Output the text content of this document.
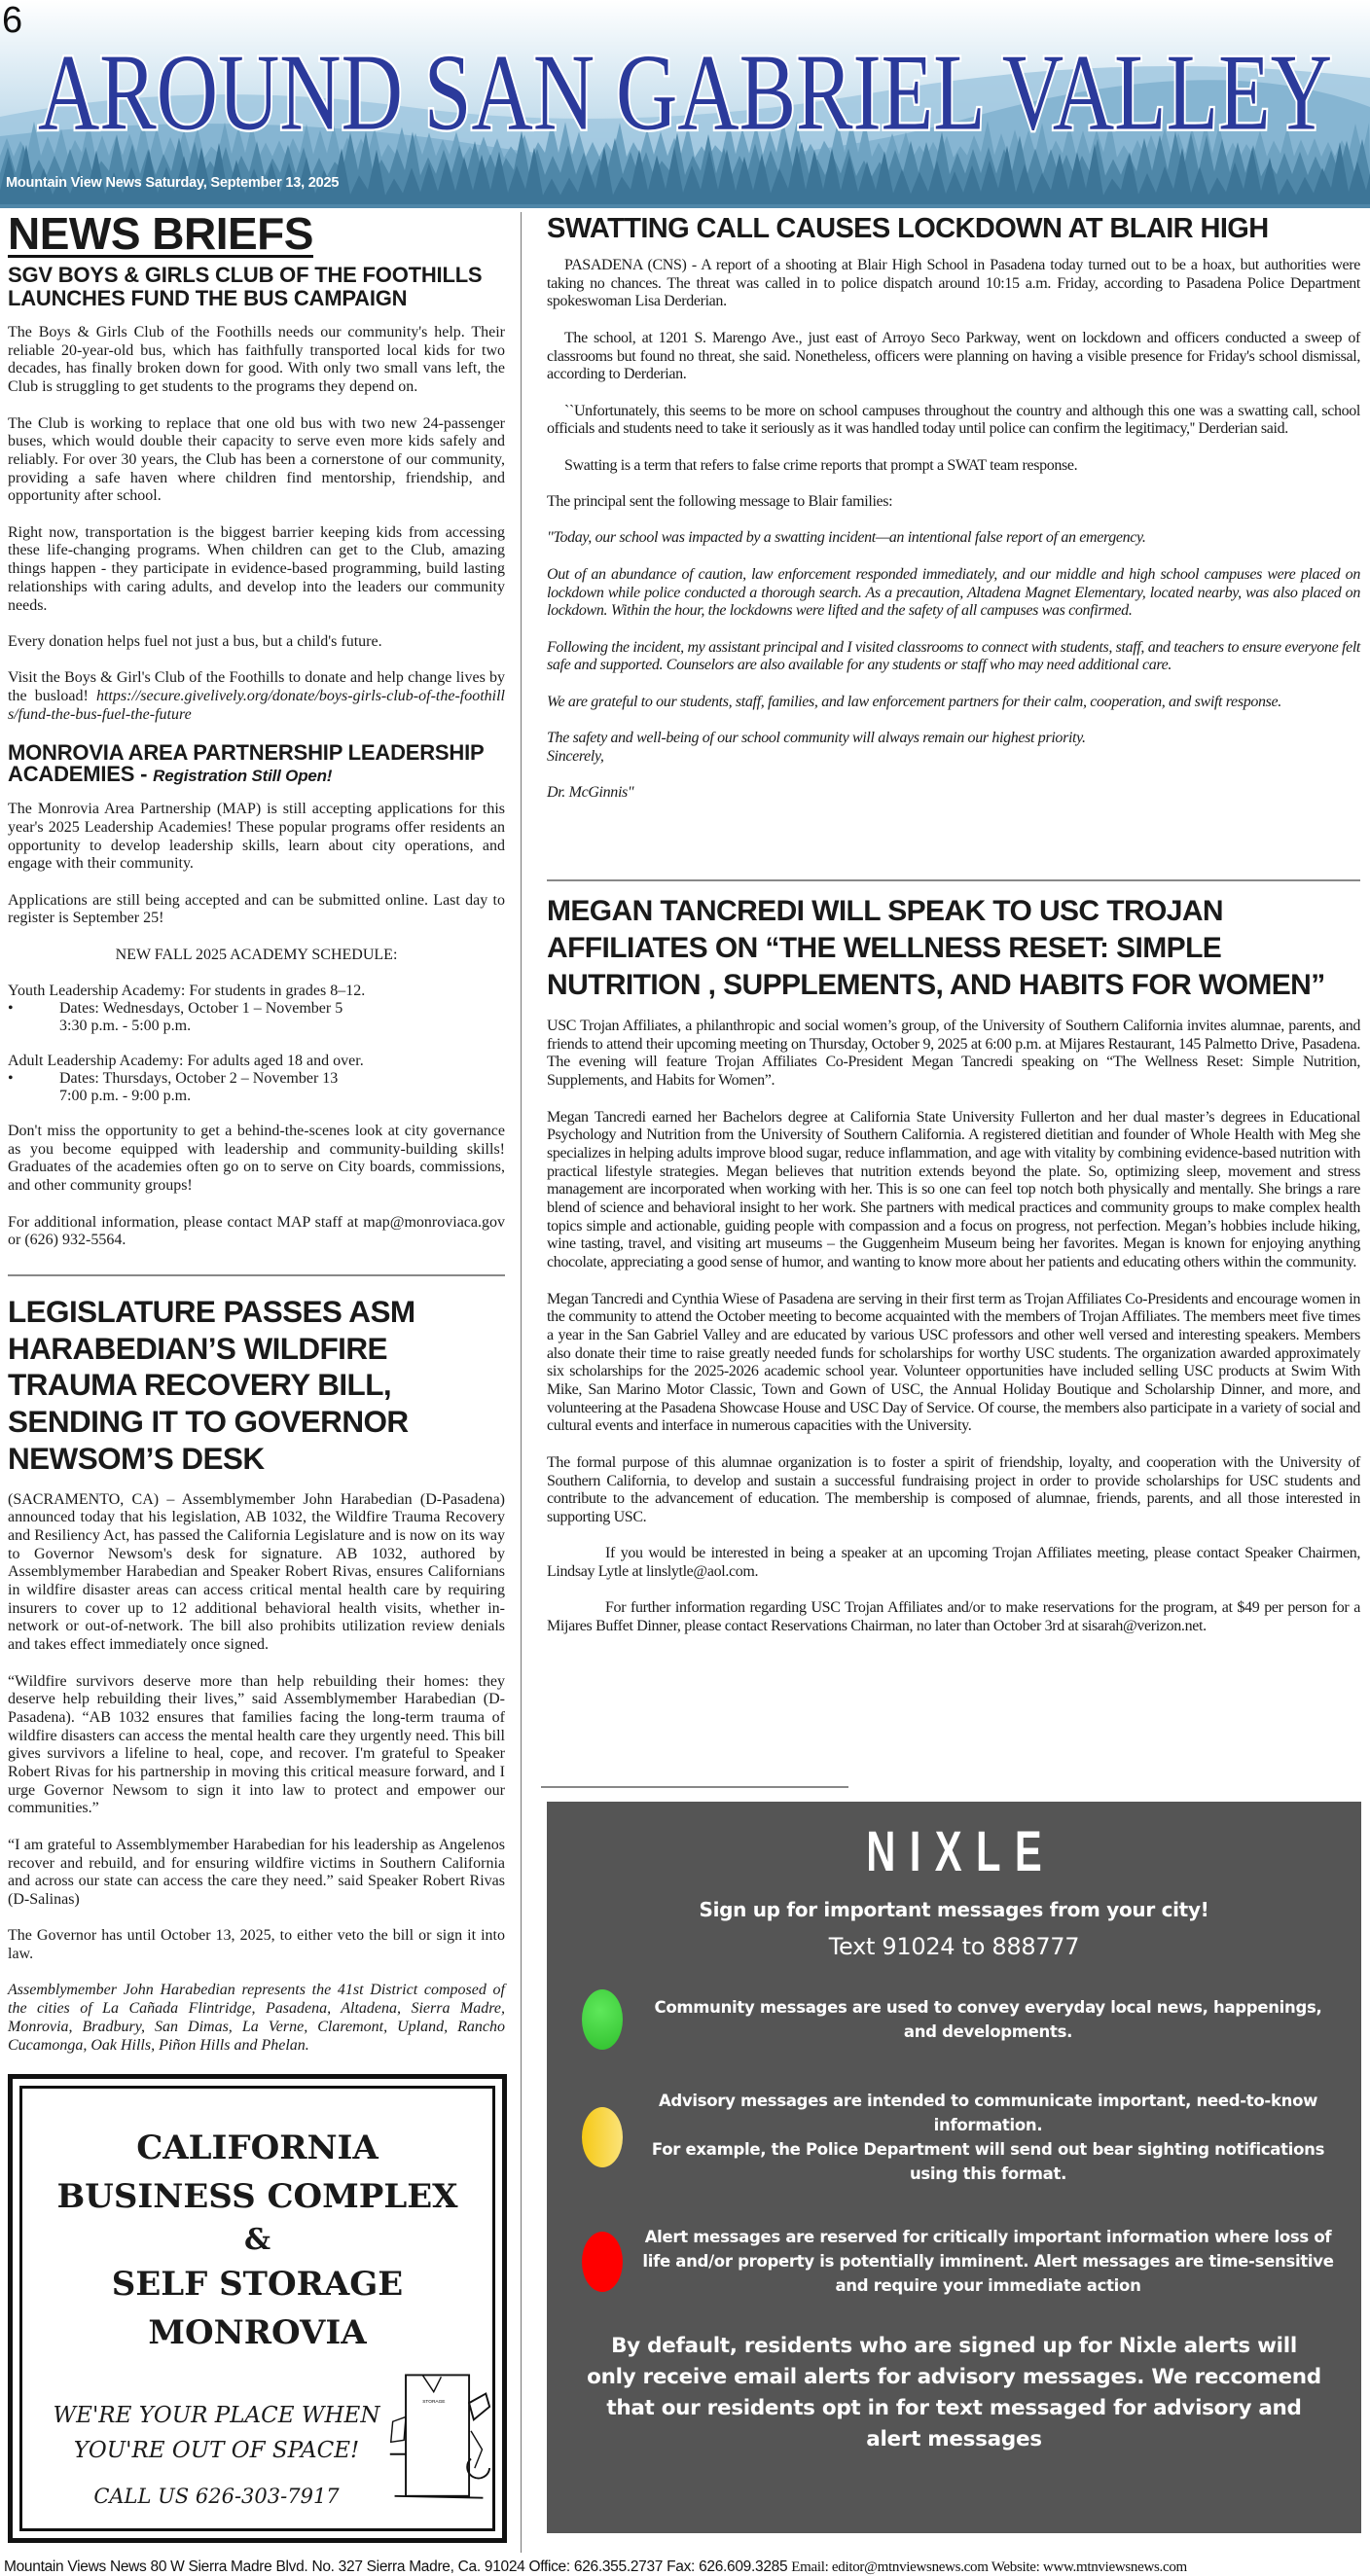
AROUND SAN GABRIEL VALLEY
6
Mountain View News Saturday, September 13, 2025
NEWS BRIEFS
SGV BOYS & GIRLS CLUB OF THE FOOTHILLS LAUNCHES FUND THE BUS CAMPAIGN

The Boys & Girls Club of the Foothills needs our community's help. Their reliable 20-year-old bus, which has faithfully transported local kids for two decades, has finally broken down for good. With only two small vans left, the Club is struggling to get students to the programs they depend on.

The Club is working to replace that one old bus with two new 24-passenger buses, which would double their capacity to serve even more kids safely and reliably. For over 30 years, the Club has been a cornerstone of our community, providing a safe haven where children find mentorship, friendship, and opportunity after school.

Right now, transportation is the biggest barrier keeping kids from accessing these life-changing programs. When children can get to the Club, amazing things happen - they participate in evidence-based programming, build lasting relationships with caring adults, and develop into the leaders our community needs.

Every donation helps fuel not just a bus, but a child's future.

Visit the Boys & Girl's Club of the Foothills to donate and help change lives by the busload! https://secure.givelively.org/donate/boys-girls-club-of-the-foothills/fund-the-bus-fuel-the-future

MONROVIA AREA PARTNERSHIP LEADERSHIP ACADEMIES - Registration Still Open!

The Monrovia Area Partnership (MAP) is still accepting applications for this year's 2025 Leadership Academies! These popular programs offer residents an opportunity to develop leadership skills, learn about city operations, and engage with their community.

Applications are still being accepted and can be submitted online. Last day to register is September 25!

NEW FALL 2025 ACADEMY SCHEDULE:

Youth Leadership Academy: For students in grades 8–12.
•	Dates: Wednesdays, October 1 – November 5
3:30 p.m. - 5:00 p.m.
Adult Leadership Academy: For adults aged 18 and over.
•	Dates: Thursdays, October 2 – November 13
7:00 p.m. - 9:00 p.m.

Don't miss the opportunity to get a behind-the-scenes look at city governance as you become equipped with leadership and community-building skills! Graduates of the academies often go on to serve on City boards, commissions, and other community groups!

For additional information, please contact MAP staff at map@monroviaca.gov or (626) 932-5564.

LEGISLATURE PASSES ASM HARABEDIAN’S WILDFIRE TRAUMA RECOVERY BILL, SENDING IT TO GOVERNOR NEWSOM’S DESK

(SACRAMENTO, CA) – Assemblymember John Harabedian (D-Pasadena) announced today that his legislation, AB 1032, the Wildfire Trauma Recovery and Resiliency Act, has passed the California Legislature and is now on its way to Governor Newsom's desk for signature. AB 1032, authored by Assemblymember Harabedian and Speaker Robert Rivas, ensures Californians in wildfire disaster areas can access critical mental health care by requiring insurers to cover up to 12 additional behavioral health visits, whether in-network or out-of-network. The bill also prohibits utilization review denials and takes effect immediately once signed.

“Wildfire survivors deserve more than help rebuilding their homes: they deserve help rebuilding their lives,” said Assemblymember Harabedian (D-Pasadena). “AB 1032 ensures that families facing the long-term trauma of wildfire disasters can access the mental health care they urgently need. This bill gives survivors a lifeline to heal, cope, and recover. I'm grateful to Speaker Robert Rivas for his partnership in moving this critical measure forward, and I urge Governor Newsom to sign it into law to protect and empower our communities.”

“I am grateful to Assemblymember Harabedian for his leadership as Angelenos recover and rebuild, and for ensuring wildfire victims in Southern California and across our state can access the care they need.” said Speaker Robert Rivas (D-Salinas)

The Governor has until October 13, 2025, to either veto the bill or sign it into law.

Assemblymember John Harabedian represents the 41st District composed of the cities of La Cañada Flintridge, Pasadena, Altadena, Sierra Madre, Monrovia, Bradbury, San Dimas, La Verne, Claremont, Upland, Rancho Cucamonga, Oak Hills, Piñon Hills and Phelan.

CALIFORNIA
BUSINESS COMPLEX
&
SELF STORAGE
MONROVIA
WE'RE YOUR PLACE WHEN
YOU'RE OUT OF SPACE!
CALL US 626-303-7917
STORAGE
SWATTING CALL CAUSES LOCKDOWN AT BLAIR HIGH
PASADENA (CNS) - A report of a shooting at Blair High School in Pasadena today turned out to be a hoax, but authorities were taking no chances. The threat was called in to police dispatch around 10:15 a.m. Friday, according to Pasadena Police Department spokeswoman Lisa Derderian.
The school, at 1201 S. Marengo Ave., just east of Arroyo Seco Parkway, went on lockdown and officers conducted a sweep of classrooms but found no threat, she said. Nonetheless, officers were planning on having a visible presence for Friday's school dismissal, according to Derderian.
``Unfortunately, this seems to be more on school campuses throughout the country and although this one was a swatting call, school officials and students need to take it seriously as it was handled today until police can confirm the legitimacy,'' Derderian said.
Swatting is a term that refers to false crime reports that prompt a SWAT team response.
The principal sent the following message to Blair families:
"Today, our school was impacted by a swatting incident—an intentional false report of an emergency.
Out of an abundance of caution, law enforcement responded immediately, and our middle and high school campuses were placed on lockdown while police conducted a thorough search. As a precaution, Altadena Magnet Elementary, located nearby, was also placed on lockdown. Within the hour, the lockdowns were lifted and the safety of all campuses was confirmed.
Following the incident, my assistant principal and I visited classrooms to connect with students, staff, and teachers to ensure everyone felt safe and supported. Counselors are also available for any students or staff who may need additional care.
We are grateful to our students, staff, families, and law enforcement partners for their calm, cooperation, and swift response.
The safety and well-being of our school community will always remain our highest priority.
Sincerely,
Dr. McGinnis"
MEGAN TANCREDI WILL SPEAK TO USC TROJAN AFFILIATES ON “THE WELLNESS RESET: SIMPLE NUTRITION , SUPPLEMENTS, AND HABITS FOR WOMEN”
USC Trojan Affiliates, a philanthropic and social women’s group, of the University of Southern California invites alumnae, parents, and friends to attend their upcoming meeting on Thursday, October 9, 2025 at 6:00 p.m. at Mijares Restaurant, 145 Palmetto Drive, Pasadena. The evening will feature Trojan Affiliates Co-President Megan Tancredi speaking on “The Wellness Reset: Simple Nutrition, Supplements, and Habits for Women”.
Megan Tancredi earned her Bachelors degree at California State University Fullerton and her dual master’s degrees in Educational Psychology and Nutrition from the University of Southern California. A registered dietitian and founder of Whole Health with Meg she specializes in helping adults improve blood sugar, reduce inflammation, and age with vitality by combining evidence-based nutrition with practical lifestyle strategies. Megan believes that nutrition extends beyond the plate. So, optimizing sleep, movement and stress management are incorporated when working with her. This is so one can feel top notch both physically and mentally. She brings a rare blend of science and behavioral insight to her work. She partners with medical practices and community groups to make complex health topics simple and actionable, guiding people with compassion and a focus on progress, not perfection. Megan’s hobbies include hiking, wine tasting, travel, and visiting art museums – the Guggenheim Museum being her favorites. Megan is known for enjoying anything chocolate, appreciating a good sense of humor, and wanting to know more about her patients and educating others within the community.
Megan Tancredi and Cynthia Wiese of Pasadena are serving in their first term as Trojan Affiliates Co-Presidents and encourage women in the community to attend the October meeting to become acquainted with the members of Trojan Affiliates. The members meet five times a year in the San Gabriel Valley and are educated by various USC professors and other well versed and interesting speakers. Members also donate their time to raise greatly needed funds for scholarships for worthy USC students. The organization awarded approximately six scholarships for the 2025-2026 academic school year. Volunteer opportunities have included selling USC products at Swim With Mike, San Marino Motor Classic, Town and Gown of USC, the Annual Holiday Boutique and Scholarship Dinner, and more, and volunteering at the Pasadena Showcase House and USC Day of Service. Of course, the members also participate in a variety of social and cultural events and interface in numerous capacities with the University.
The formal purpose of this alumnae organization is to foster a spirit of friendship, loyalty, and cooperation with the University of Southern California, to develop and sustain a successful fundraising project in order to provide scholarships for USC students and contribute to the advancement of education. The membership is composed of alumnae, friends, parents, and all those interested in supporting USC.
If you would be interested in being a speaker at an upcoming Trojan Affiliates meeting, please contact Speaker Chairmen, Lindsay Lytle at linslytle@aol.com.
For further information regarding USC Trojan Affiliates and/or to make reservations for the program, at $49 per person for a Mijares Buffet Dinner, please contact Reservations Chairman, no later than October 3rd at sisarah@verizon.net.
NIXLE
Sign up for important messages from your city!
Text 91024 to 888777
Community messages are used to convey everyday local news, happenings, and developments.
Advisory messages are intended to communicate important, need-to-know information.
For example, the Police Department will send out bear sighting notifications using this format.
Alert messages are reserved for critically important information where loss of life and/or property is potentially imminent. Alert messages are time-sensitive and require your immediate action
By default, residents who are signed up for Nixle alerts will only receive email alerts for advisory messages. We reccomend that our residents opt in for text messaged for advisory and alert messages
Mountain Views News 80 W Sierra Madre Blvd. No. 327 Sierra Madre, Ca. 91024 Office: 626.355.2737 Fax: 626.609.3285 Email: editor@mtnviewsnews.com Website: www.mtnviewsnews.com
